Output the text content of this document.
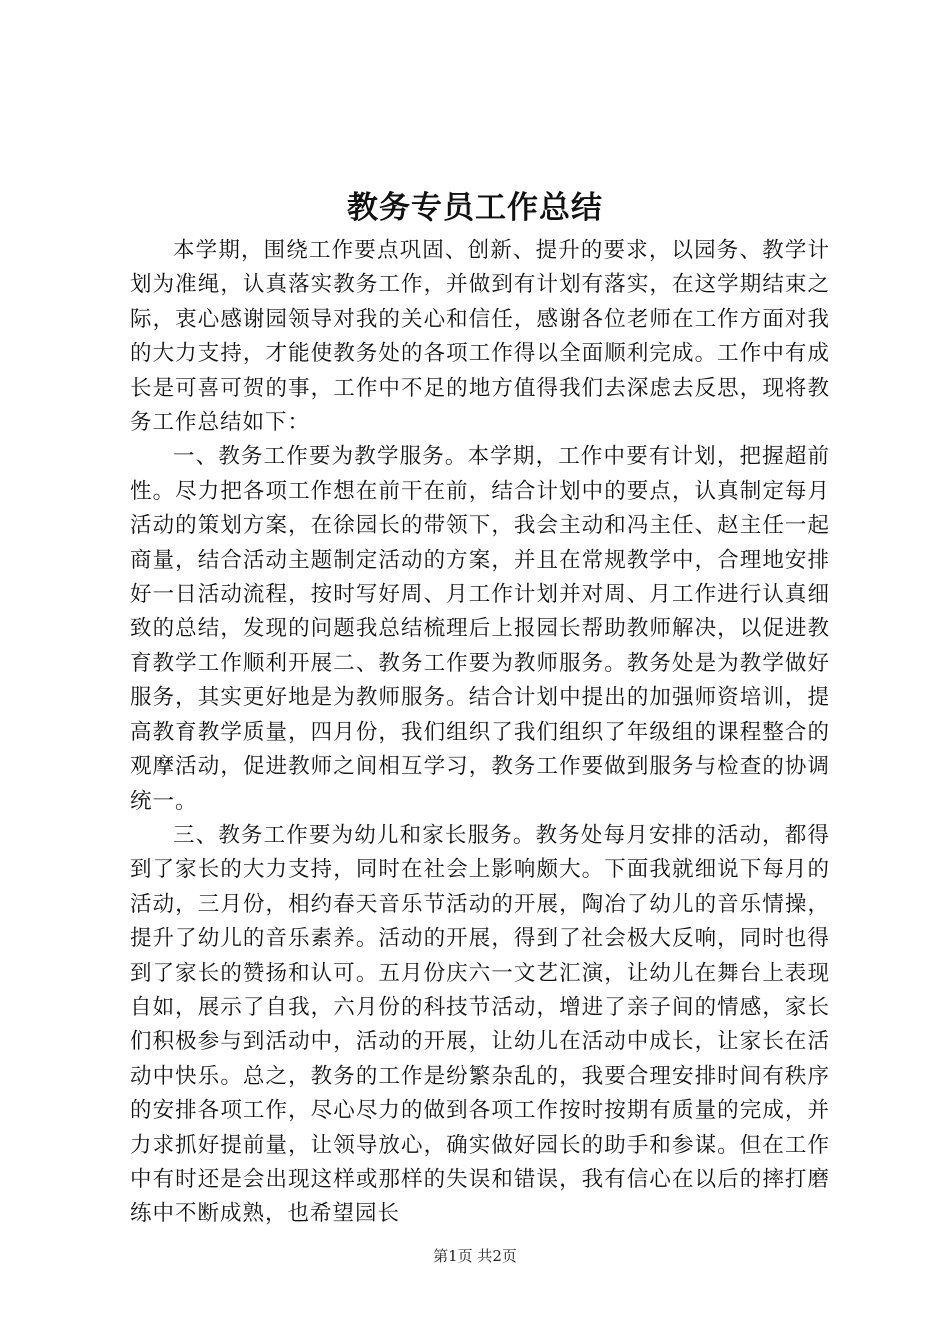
教务专员工作总结

本学期，围绕工作要点巩固、创新、提升的要求，以园务、教学计划为准绳，认真落实教务工作，并做到有计划有落实，在这学期结束之际，衷心感谢园领导对我的关心和信任，感谢各位老师在工作方面对我的大力支持，才能使教务处的各项工作得以全面顺利完成。工作中有成长是可喜可贺的事，工作中不足的地方值得我们去深虑去反思，现将教务工作总结如下：

一、教务工作要为教学服务。本学期，工作中要有计划，把握超前性。尽力把各项工作想在前干在前，结合计划中的要点，认真制定每月活动的策划方案，在徐园长的带领下，我会主动和冯主任、赵主任一起商量，结合活动主题制定活动的方案，并且在常规教学中，合理地安排好一日活动流程，按时写好周、月工作计划并对周、月工作进行认真细致的总结，发现的问题我总结梳理后上报园长帮助教师解决，以促进教育教学工作顺利开展二、教务工作要为教师服务。教务处是为教学做好服务，其实更好地是为教师服务。结合计划中提出的加强师资培训，提高教育教学质量，四月份，我们组织了我们组织了年级组的课程整合的观摩活动，促进教师之间相互学习，教务工作要做到服务与检查的协调统一。

三、教务工作要为幼儿和家长服务。教务处每月安排的活动，都得到了家长的大力支持，同时在社会上影响颇大。下面我就细说下每月的活动，三月份，相约春天音乐节活动的开展，陶冶了幼儿的音乐情操，提升了幼儿的音乐素养。活动的开展，得到了社会极大反响，同时也得到了家长的赞扬和认可。五月份庆六一文艺汇演，让幼儿在舞台上表现自如，展示了自我，六月份的科技节活动，增进了亲子间的情感，家长们积极参与到活动中，活动的开展，让幼儿在活动中成长，让家长在活动中快乐。总之，教务的工作是纷繁杂乱的，我要合理安排时间有秩序的安排各项工作，尽心尽力的做到各项工作按时按期有质量的完成，并力求抓好提前量，让领导放心，确实做好园长的助手和参谋。但在工作中有时还是会出现这样或那样的失误和错误，我有信心在以后的摔打磨练中不断成熟，也希望园长

第1页 共2页
